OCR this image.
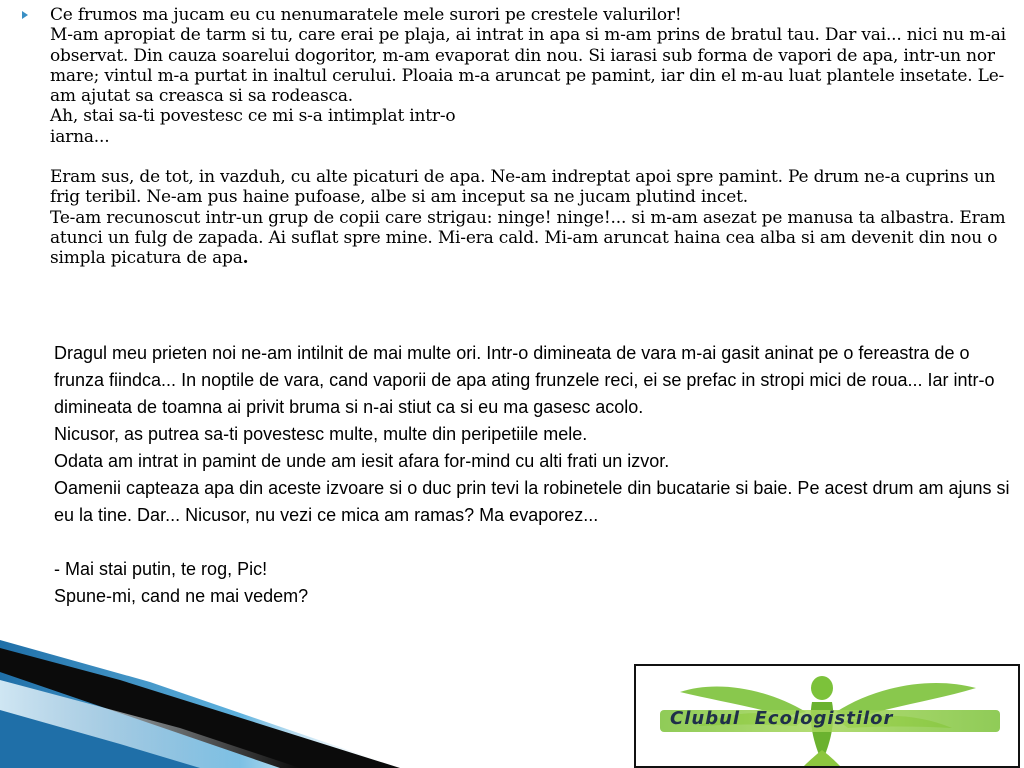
Ce frumos ma jucam eu cu nenumaratele mele surori pe crestele valurilor!
M-am apropiat de tarm si tu, care erai pe plaja, ai intrat in apa si m-am prins de bratul tau. Dar vai... nici nu m-ai observat. Din cauza soarelui dogoritor, m-am evaporat din nou. Si iarasi sub forma de vapori de apa, intr-un nor mare; vintul m-a purtat in inaltul cerului. Ploaia m-a aruncat pe pamint, iar din el m-au luat plantele insetate. Le-am ajutat sa creasca si sa rodeasca.
Ah, stai sa-ti povestesc ce mi s-a intimplat intr-o
iarna...

Eram sus, de tot, in vazduh, cu alte picaturi de apa. Ne-am indreptat apoi spre pamint. Pe drum ne-a cuprins un frig teribil. Ne-am pus haine pufoase, albe si am inceput sa ne jucam plutind incet.
Te-am recunoscut intr-un grup de copii care strigau: ninge! ninge!... si m-am asezat pe manusa ta albastra. Eram atunci un fulg de zapada. Ai suflat spre mine. Mi-era cald. Mi-am aruncat haina cea alba si am devenit din nou o simpla picatura de apa.

Dragul meu prieten noi ne-am intilnit de mai multe ori. Intr-o dimineata de vara m-ai gasit aninat pe o fereastra de o frunza fiindca... In noptile de vara, cand vaporii de apa ating frunzele reci, ei se prefac in stropi mici de roua... Iar intr-o dimineata de toamna ai privit bruma si n-ai stiut ca si eu ma gasesc acolo.

Nicusor, as putrea sa-ti povestesc multe, multe din peripetiile mele.

Odata am intrat in pamint de unde am iesit afara for-mind cu alti frati un izvor.

Oamenii capteaza apa din aceste izvoare si o duc prin tevi la robinetele din bucatarie si baie. Pe acest drum am ajuns si eu la tine. Dar... Nicusor, nu vezi ce mica am ramas? Ma evaporez...

- Mai stai putin, te rog, Pic!

Spune-mi, cand ne mai vedem?

Clubul  Ecologistilor
